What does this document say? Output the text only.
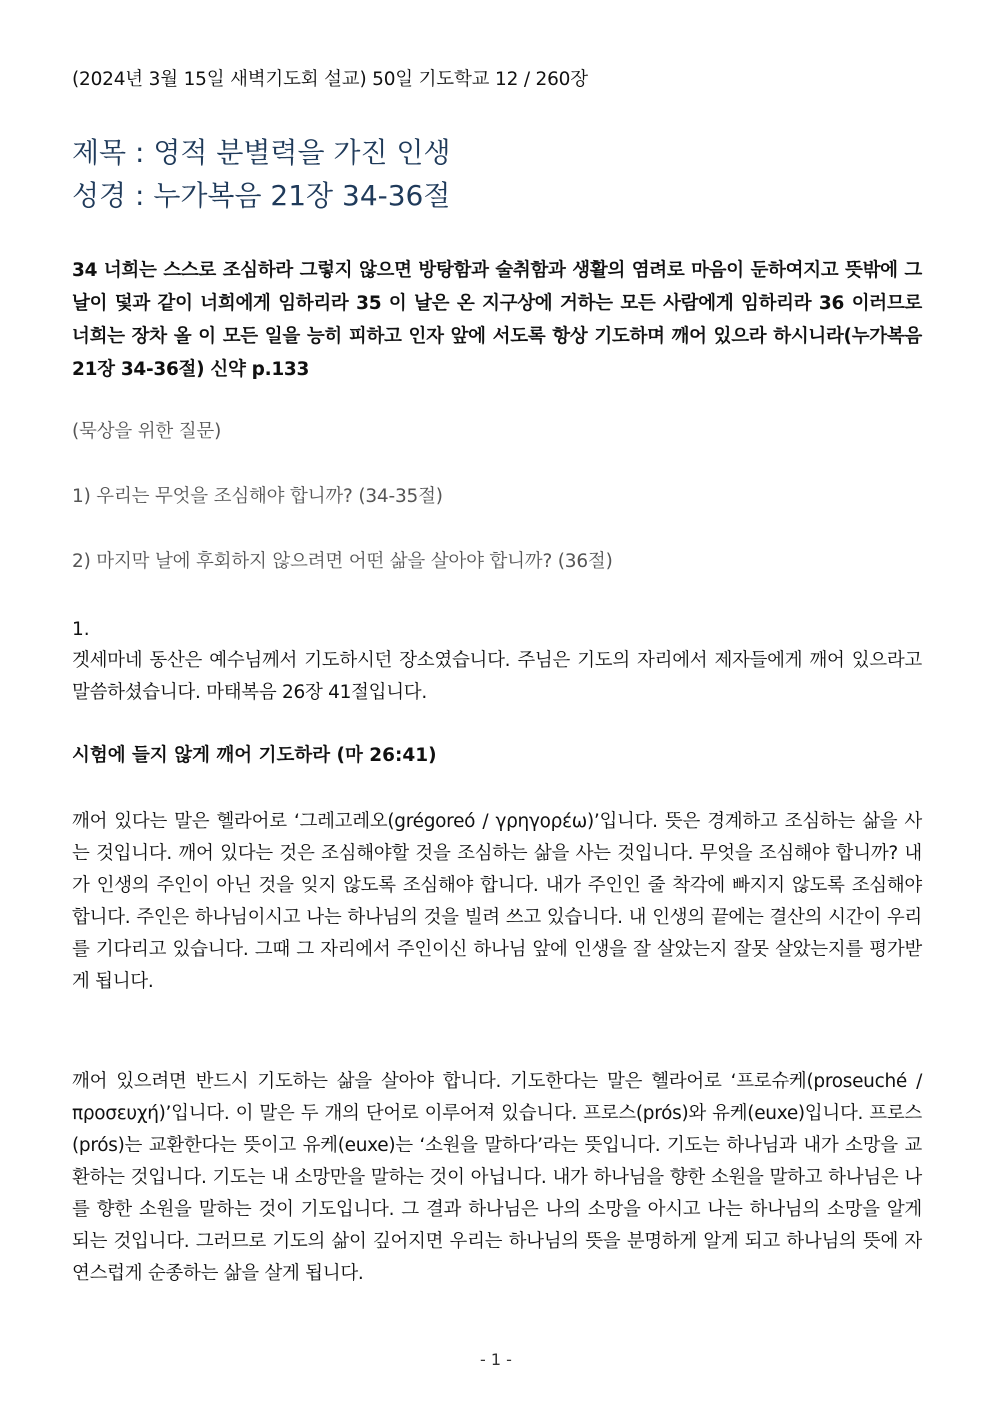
(2024년 3월 15일 새벽기도회 설교) 50일 기도학교 12 / 260장
제목 : 영적 분별력을 가진 인생
성경 : 누가복음 21장 34-36절
34 너희는 스스로 조심하라 그렇지 않으면 방탕함과 술취함과 생활의 염려로 마음이 둔하여지고 뜻밖에 그 날이 덫과 같이 너희에게 임하리라 35 이 날은 온 지구상에 거하는 모든 사람에게 임하리라 36 이러므로 너희는 장차 올 이 모든 일을 능히 피하고 인자 앞에 서도록 항상 기도하며 깨어 있으라 하시니라(누가복음 21장 34-36절) 신약 p.133
(묵상을 위한 질문)
1) 우리는 무엇을 조심해야 합니까? (34-35절)
2) 마지막 날에 후회하지 않으려면 어떤 삶을 살아야 합니까? (36절)
1.
겟세마네 동산은 예수님께서 기도하시던 장소였습니다. 주님은 기도의 자리에서 제자들에게 깨어 있으라고 말씀하셨습니다. 마태복음 26장 41절입니다.
시험에 들지 않게 깨어 기도하라 (마 26:41)
깨어 있다는 말은 헬라어로 ‘그레고레오(grégoreó / γρηγορέω)’입니다. 뜻은 경계하고 조심하는 삶을 사는 것입니다. 깨어 있다는 것은 조심해야할 것을 조심하는 삶을 사는 것입니다. 무엇을 조심해야 합니까? 내가 인생의 주인이 아닌 것을 잊지 않도록 조심해야 합니다. 내가 주인인 줄 착각에 빠지지 않도록 조심해야 합니다. 주인은 하나님이시고 나는 하나님의 것을 빌려 쓰고 있습니다. 내 인생의 끝에는 결산의 시간이 우리를 기다리고 있습니다. 그때 그 자리에서 주인이신 하나님 앞에 인생을 잘 살았는지 잘못 살았는지를 평가받게 됩니다.
깨어 있으려면 반드시 기도하는 삶을 살아야 합니다. 기도한다는 말은 헬라어로 ‘프로슈케(proseuché / προσευχή)’입니다. 이 말은 두 개의 단어로 이루어져 있습니다. 프로스(prós)와 유케(euxe)입니다. 프로스(prós)는 교환한다는 뜻이고 유케(euxe)는 ‘소원을 말하다’라는 뜻입니다. 기도는 하나님과 내가 소망을 교환하는 것입니다. 기도는 내 소망만을 말하는 것이 아닙니다. 내가 하나님을 향한 소원을 말하고 하나님은 나를 향한 소원을 말하는 것이 기도입니다. 그 결과 하나님은 나의 소망을 아시고 나는 하나님의 소망을 알게 되는 것입니다. 그러므로 기도의 삶이 깊어지면 우리는 하나님의 뜻을 분명하게 알게 되고 하나님의 뜻에 자연스럽게 순종하는 삶을 살게 됩니다.
- 1 -
